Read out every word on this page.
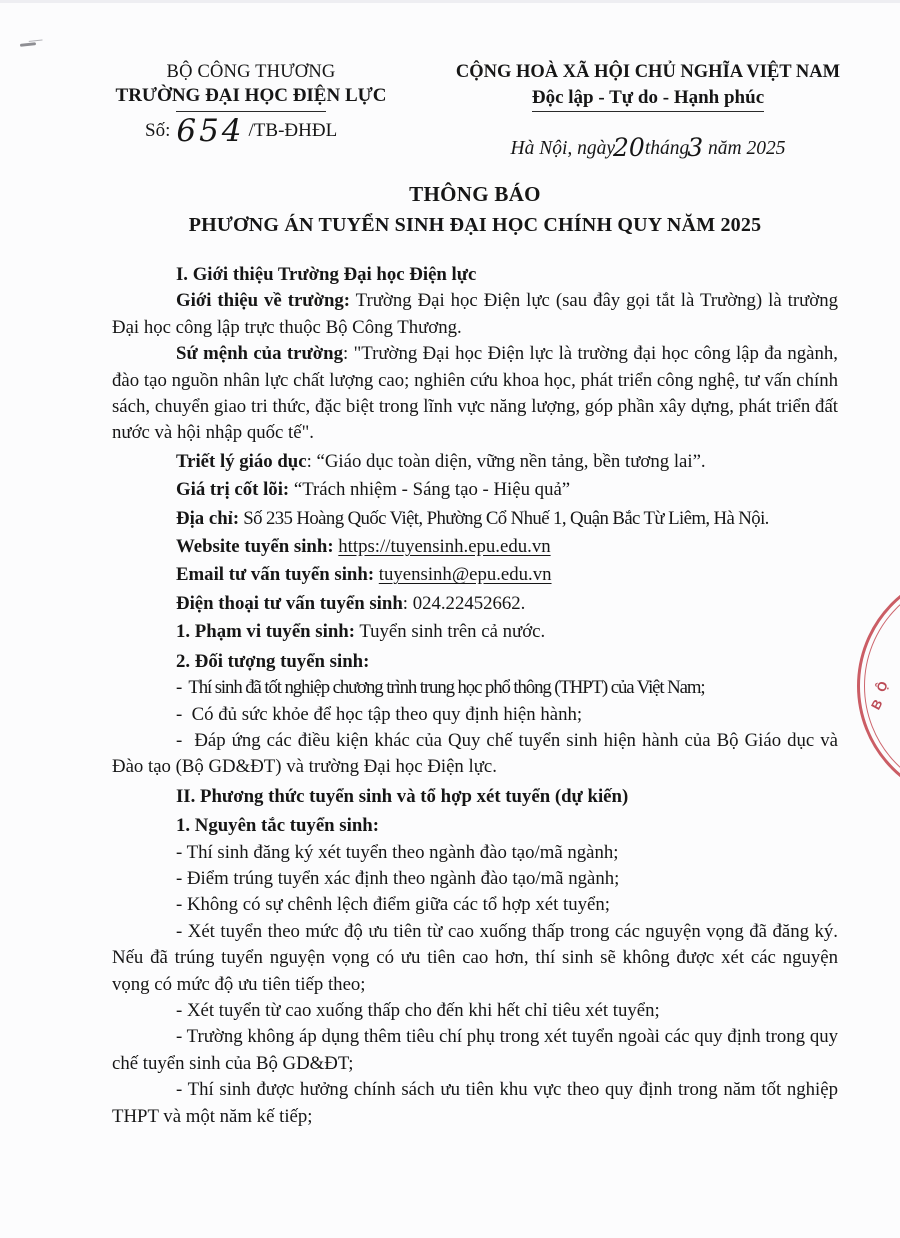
BỘ CÔNG THƯƠNG
TRƯỜNG ĐẠI HỌC ĐIỆN LỰC
Số: 654 /TB-ĐHĐL
CỘNG HOÀ XÃ HỘI CHỦ NGHĨA VIỆT NAM
Độc lập - Tự do - Hạnh phúc
Hà Nội, ngày20tháng3 năm 2025
THÔNG BÁO
PHƯƠNG ÁN TUYỂN SINH ĐẠI HỌC CHÍNH QUY NĂM 2025

I. Giới thiệu Trường Đại học Điện lực

Giới thiệu về trường: Trường Đại học Điện lực (sau đây gọi tắt là Trường) là trường Đại học công lập trực thuộc Bộ Công Thương.

Sứ mệnh của trường: "Trường Đại học Điện lực là trường đại học công lập đa ngành, đào tạo nguồn nhân lực chất lượng cao; nghiên cứu khoa học, phát triển công nghệ, tư vấn chính sách, chuyển giao tri thức, đặc biệt trong lĩnh vực năng lượng, góp phần xây dựng, phát triển đất nước và hội nhập quốc tế".

Triết lý giáo dục: “Giáo dục toàn diện, vững nền tảng, bền tương lai”.

Giá trị cốt lõi: “Trách nhiệm - Sáng tạo - Hiệu quả”

Địa chỉ: Số 235 Hoàng Quốc Việt, Phường Cổ Nhuế 1, Quận Bắc Từ Liêm, Hà Nội.

Website tuyển sinh: https://tuyensinh.epu.edu.vn

Email tư vấn tuyển sinh: tuyensinh@epu.edu.vn

Điện thoại tư vấn tuyển sinh: 024.22452662.

1. Phạm vi tuyển sinh: Tuyển sinh trên cả nước.

2. Đối tượng tuyển sinh:

-  Thí sinh đã tốt nghiệp chương trình trung học phổ thông (THPT) của Việt Nam;

-  Có đủ sức khỏe để học tập theo quy định hiện hành;

-  Đáp ứng các điều kiện khác của Quy chế tuyển sinh hiện hành của Bộ Giáo dục và Đào tạo (Bộ GD&ĐT) và trường Đại học Điện lực.

II. Phương thức tuyển sinh và tổ hợp xét tuyển (dự kiến)

1. Nguyên tắc tuyển sinh:

- Thí sinh đăng ký xét tuyển theo ngành đào tạo/mã ngành;

- Điểm trúng tuyển xác định theo ngành đào tạo/mã ngành;

- Không có sự chênh lệch điểm giữa các tổ hợp xét tuyển;

- Xét tuyển theo mức độ ưu tiên từ cao xuống thấp trong các nguyện vọng đã đăng ký. Nếu đã trúng tuyển nguyện vọng có ưu tiên cao hơn, thí sinh sẽ không được xét các nguyện vọng có mức độ ưu tiên tiếp theo;

- Xét tuyển từ cao xuống thấp cho đến khi hết chỉ tiêu xét tuyển;

- Trường không áp dụng thêm tiêu chí phụ trong xét tuyển ngoài các quy định trong quy chế tuyển sinh của Bộ GD&ĐT;

- Thí sinh được hưởng chính sách ưu tiên khu vực theo quy định trong năm tốt nghiệp THPT và một năm kế tiếp;

B
Ộ
